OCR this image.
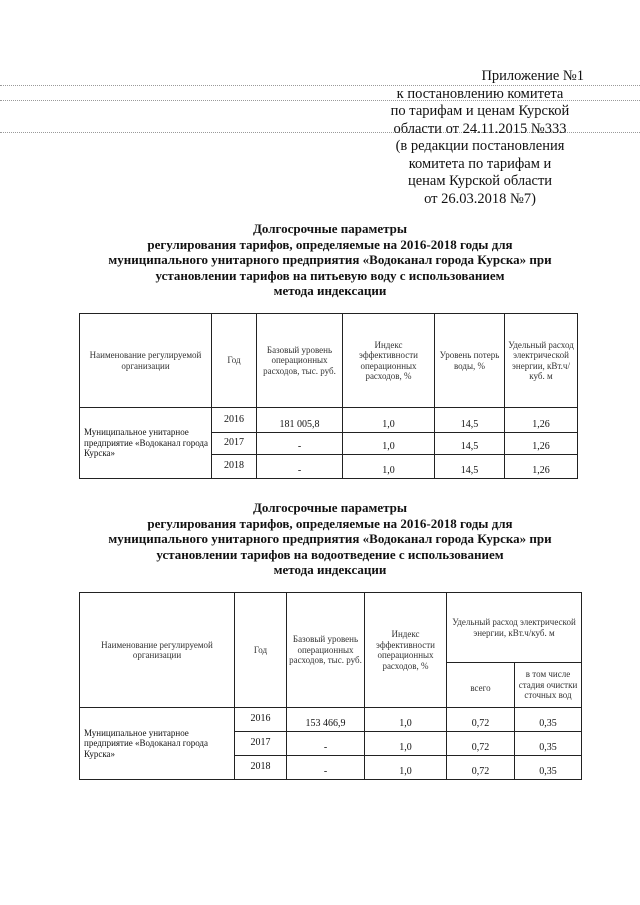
Приложение №1
к постановлению комитета
по тарифам и ценам Курской
области от 24.11.2015 №333
(в редакции постановления
комитета по тарифам и
ценам Курской области
от 26.03.2018 №7)
Долгосрочные параметры
регулирования тарифов, определяемые на 2016-2018 годы для
муниципального унитарного предприятия «Водоканал города Курска» при
установлении тарифов на питьевую воду с использованием
метода индексации
Наименование регулируемой организации	Год	Базовый уровень операционных расходов, тыс. руб.	Индекс эффективности операционных расходов, %	Уровень потерь воды, %	Удельный расход электрической энергии, кВт.ч/куб. м
Муниципальное унитарное предприятие «Водоканал города Курска»	2016	181 005,8	1,0	14,5	1,26
	2017	-	1,0	14,5	1,26
	2018	-	1,0	14,5	1,26
Долгосрочные параметры
регулирования тарифов, определяемые на 2016-2018 годы для
муниципального унитарного предприятия «Водоканал города Курска» при
установлении тарифов на водоотведение с использованием
метода индексации
Наименование регулируемой организации	Год	Базовый уровень операционных расходов, тыс. руб.	Индекс эффективности операционных расходов, %	Удельный расход электрической энергии, кВт.ч/куб. м	
				всего	в том числе стадия очистки сточных вод
Муниципальное унитарное предприятие «Водоканал города Курска»	2016	153 466,9	1,0	0,72	0,35
	2017	-	1,0	0,72	0,35
	2018	-	1,0	0,72	0,35
